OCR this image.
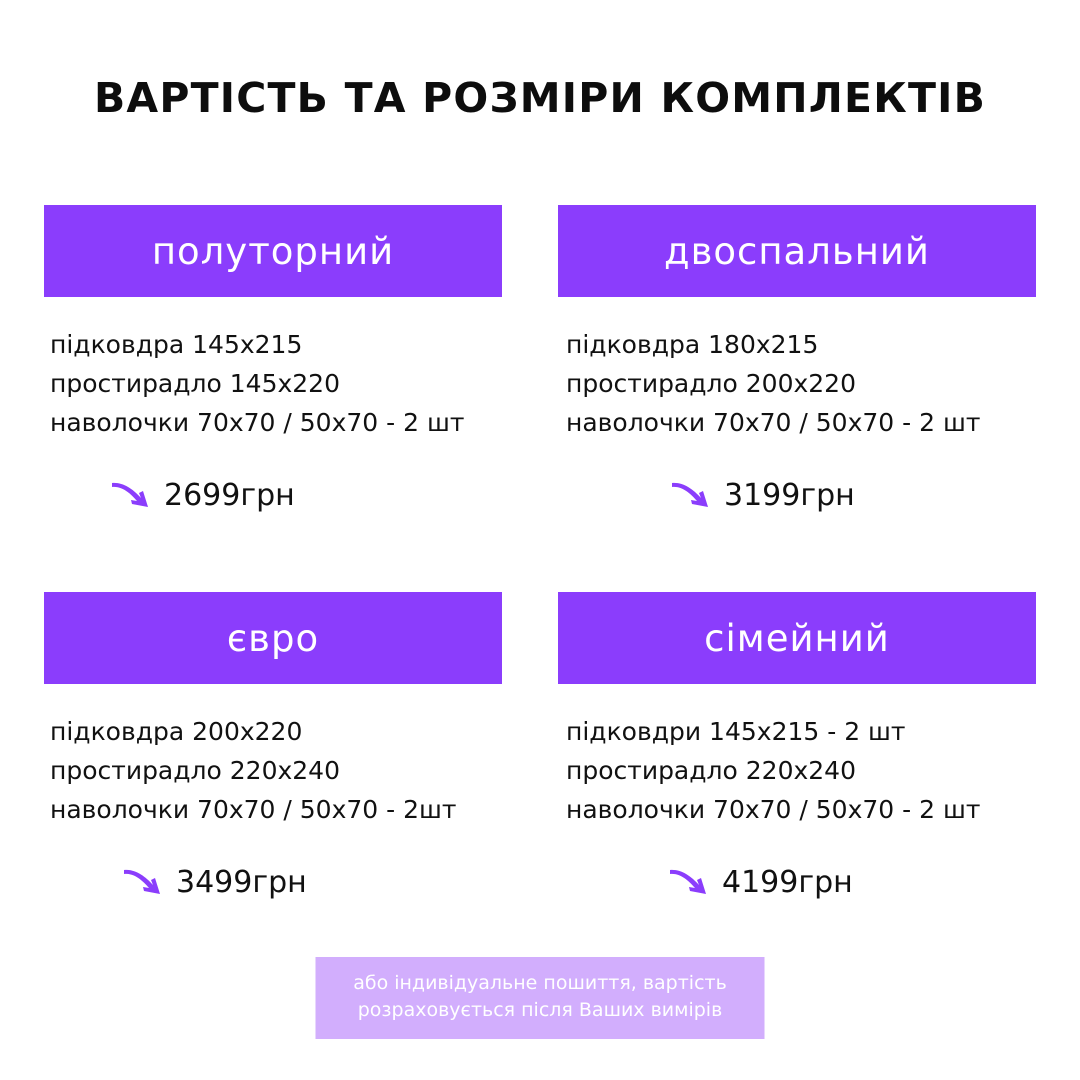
ВАРТІСТЬ ТА РОЗМІРИ КОМПЛЕКТІВ
полуторний
підковдра 145х215
простирадло 145х220
наволочки 70х70 / 50х70 - 2 шт
2699грн
двоспальний
підковдра 180х215
простирадло 200х220
наволочки 70х70 / 50х70 - 2 шт
3199грн
євро
підковдра 200х220
простирадло 220х240
наволочки 70х70 / 50х70 - 2шт
3499грн
сімейний
підковдри 145х215 - 2 шт
простирадло 220х240
наволочки 70х70 / 50х70 - 2 шт
4199грн
або індивідуальне пошиття, вартість
розраховується після Ваших вимірів
